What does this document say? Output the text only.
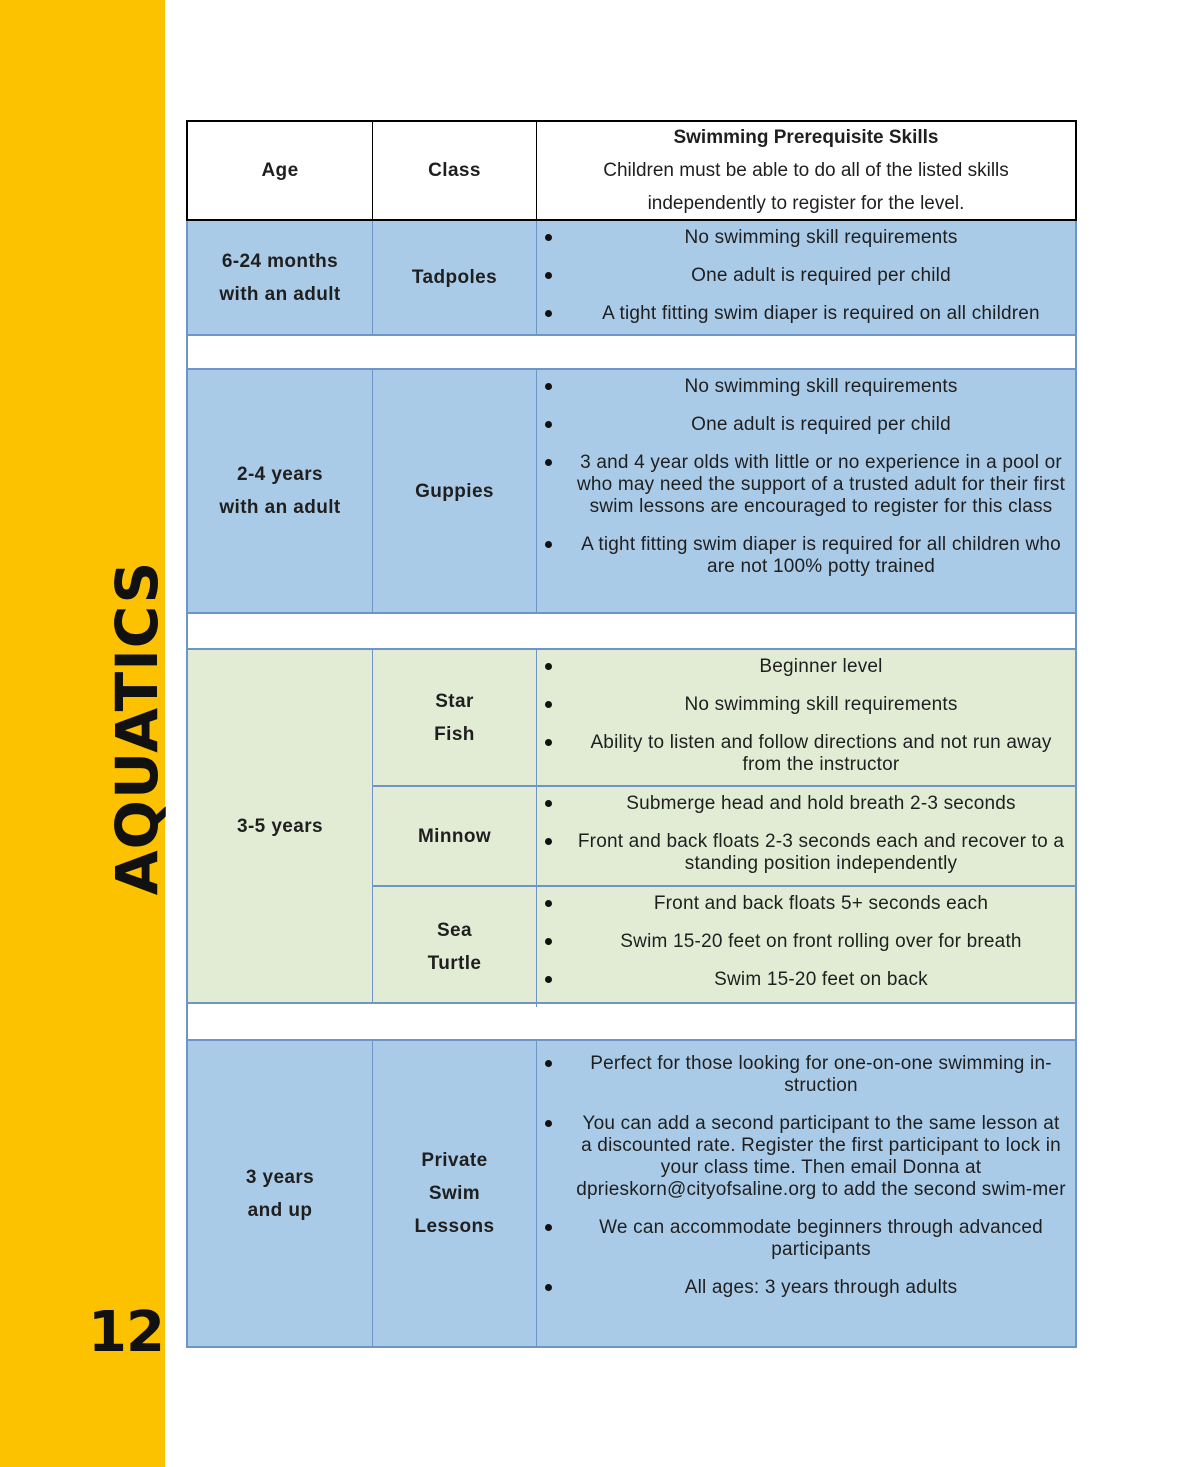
AQUATICS
12
Age	Class
Swimming Prerequisite Skills
Children must be able to do all of the listed skills
independently to register for the level.
6-24 months
with an adult
Tadpoles
No swimming skill requirements
One adult is required per child
A tight fitting swim diaper is required on all children
2-4 years
with an adult
Guppies
No swimming skill requirements
One adult is required per child
3 and 4 year olds with little or no experience in a pool or who may need the support of a trusted adult for their first swim lessons are encouraged to register for this class
A tight fitting swim diaper is required for all children who are not 100% potty trained
3-5 years
Star
Fish
Beginner level
No swimming skill requirements
Ability to listen and follow directions and not run away from the instructor
Minnow
Submerge head and hold breath 2-3 seconds
Front and back floats 2-3 seconds each and recover to a standing position independently
Sea
Turtle
Front and back floats 5+ seconds each
Swim 15-20 feet on front rolling over for breath
Swim 15-20 feet on back
3 years
and up
Private
Swim
Lessons
Perfect for those looking for one-on-one swimming in-struction
You can add a second participant to the same lesson at a discounted rate. Register the first participant to lock in your class time. Then email Donna at dprieskorn@cityofsaline.org to add the second swim-mer
We can accommodate beginners through advanced participants
All ages: 3 years through adults
